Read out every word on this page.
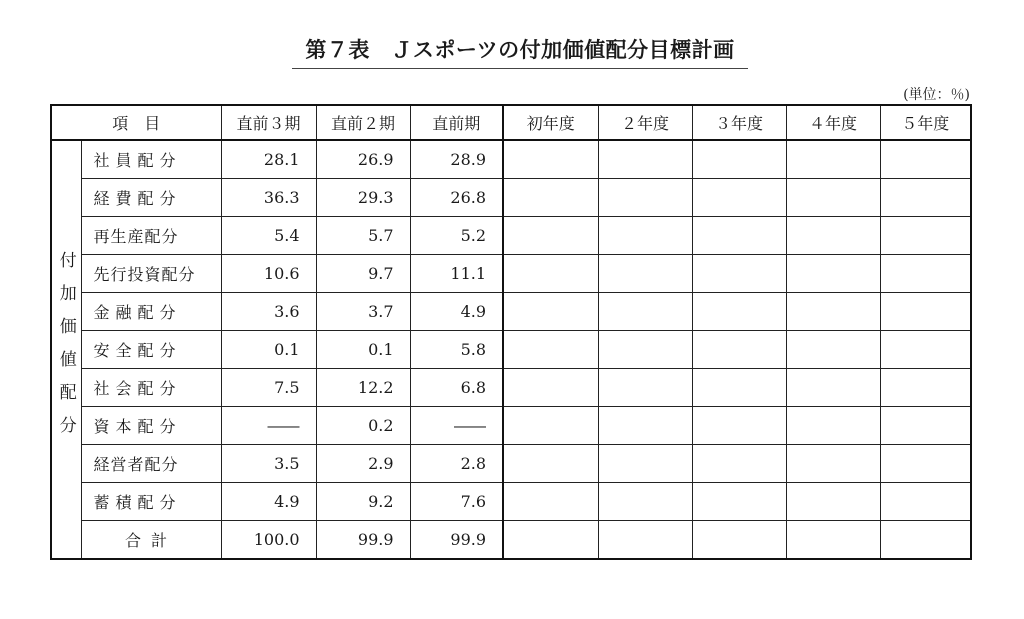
第７表　Ｊスポーツの付加価値配分目標計画
(単位：％)
項　目		直前３期	直前２期	直前期	初年度	２年度	３年度	４年度	５年度
付加価値配分	社員配分	28.1	26.9	28.9					
	経費配分	36.3	29.3	26.8					
	再生産配分	5.4	5.7	5.2					
	先行投資配分	10.6	9.7	11.1					
	金融配分	3.6	3.7	4.9					
	安全配分	0.1	0.1	5.8					
	社会配分	7.5	12.2	6.8					
	資本配分	――	0.2	――					
	経営者配分	3.5	2.9	2.8					
	蓄積配分	4.9	9.2	7.6					
	合計	100.0	99.9	99.9					
